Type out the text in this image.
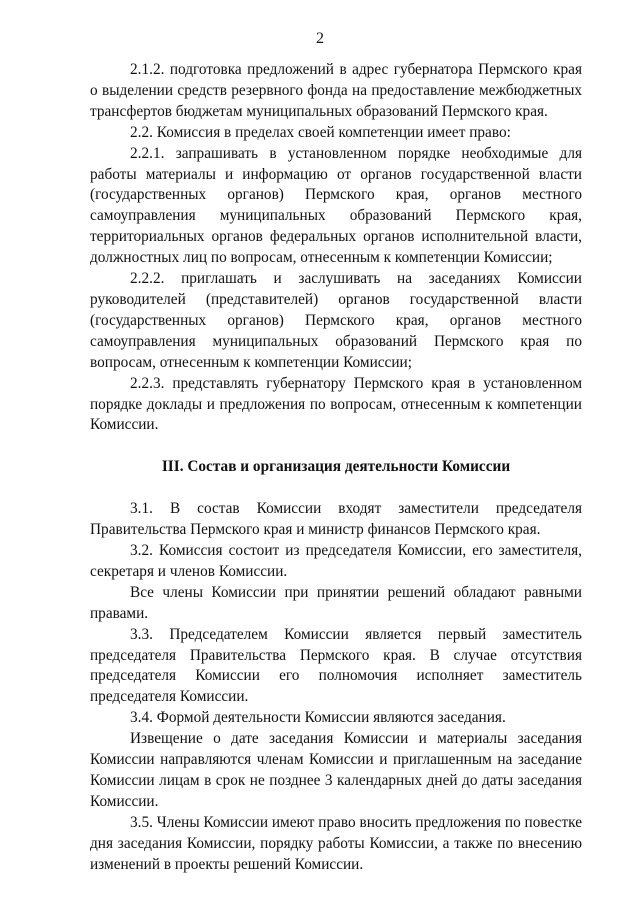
2

2.1.2. подготовка предложений в адрес губернатора Пермского края о выделении средств резервного фонда на предоставление межбюджетных трансфертов бюджетам муниципальных образований Пермского края.

2.2. Комиссия в пределах своей компетенции имеет право:

2.2.1. запрашивать в установленном порядке необходимые для работы материалы и информацию от органов государственной власти (государственных органов) Пермского края, органов местного самоуправления муниципальных образований Пермского края, территориальных органов федеральных органов исполнительной власти, должностных лиц по вопросам, отнесенным к компетенции Комиссии;

2.2.2. приглашать и заслушивать на заседаниях Комиссии руководителей (представителей) органов государственной власти (государственных органов) Пермского края, органов местного самоуправления муниципальных образований Пермского края по вопросам, отнесенным к компетенции Комиссии;

2.2.3. представлять губернатору Пермского края в установленном порядке доклады и предложения по вопросам, отнесенным к компетенции Комиссии.

III. Состав и организация деятельности Комиссии

3.1. В состав Комиссии входят заместители председателя Правительства Пермского края и министр финансов Пермского края.

3.2. Комиссия состоит из председателя Комиссии, его заместителя, секретаря и членов Комиссии.

Все члены Комиссии при принятии решений обладают равными правами.

3.3. Председателем Комиссии является первый заместитель председателя Правительства Пермского края. В случае отсутствия председателя Комиссии его полномочия исполняет заместитель председателя Комиссии.

3.4. Формой деятельности Комиссии являются заседания.

Извещение о дате заседания Комиссии и материалы заседания Комиссии направляются членам Комиссии и приглашенным на заседание Комиссии лицам в срок не позднее 3 календарных дней до даты заседания Комиссии.

3.5. Члены Комиссии имеют право вносить предложения по повестке дня заседания Комиссии, порядку работы Комиссии, а также по внесению изменений в проекты решений Комиссии.
